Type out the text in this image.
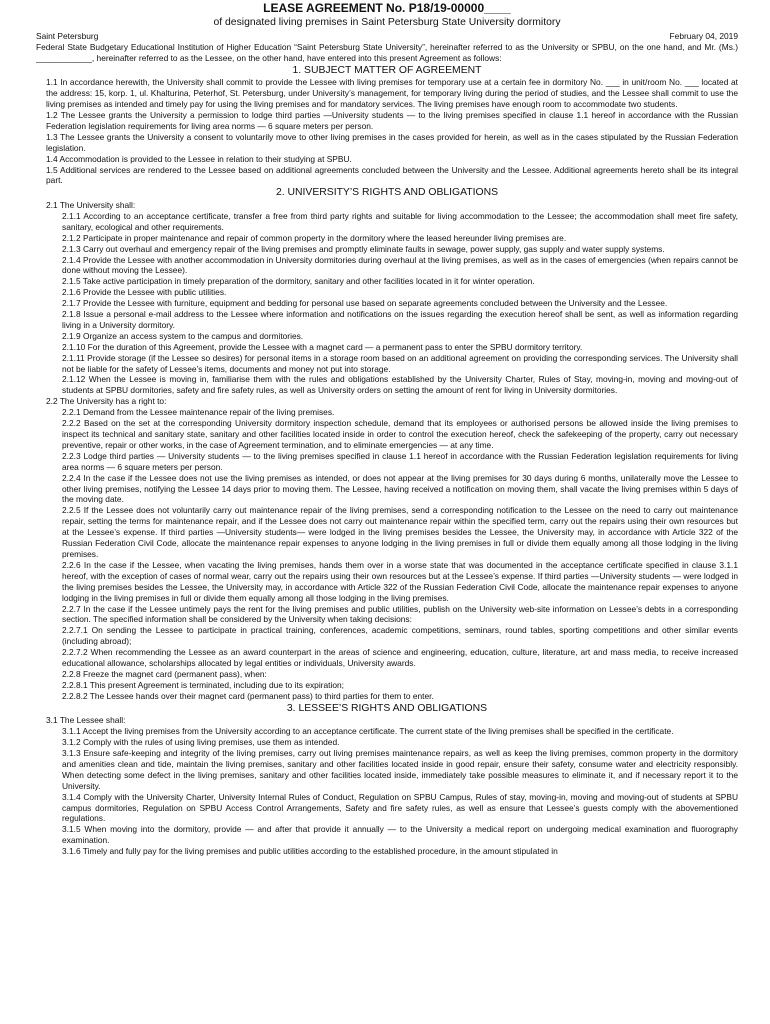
LEASE AGREEMENT No. P18/19-00000____
of designated living premises in Saint Petersburg State University dormitory
Saint Petersburg	February 04, 2019
Federal State Budgetary Educational Institution of Higher Education “Saint Petersburg State University”, hereinafter referred to as the University or SPBU, on the one hand, and Mr. (Ms.) ____________, hereinafter referred to as the Lessee, on the other hand, have entered into this present Agreement as follows:
1. SUBJECT MATTER OF AGREEMENT
1.1 In accordance herewith, the University shall commit to provide the Lessee with living premises for temporary use at a certain fee in dormitory No. ___ in unit/room No. ___ located at the address: 15, korp. 1, ul. Khalturina, Peterhof, St. Petersburg, under University’s management, for temporary living during the period of studies, and the Lessee shall commit to use the living premises as intended and timely pay for using the living premises and for mandatory services. The living premises have enough room to accommodate two students.
1.2 The Lessee grants the University a permission to lodge third parties —University students — to the living premises specified in clause 1.1 hereof in accordance with the Russian Federation legislation requirements for living area norms — 6 square meters per person.
1.3 The Lessee grants the University a consent to voluntarily move to other living premises in the cases provided for herein, as well as in the cases stipulated by the Russian Federation legislation.
1.4 Accommodation is provided to the Lessee in relation to their studying at SPBU.
1.5 Additional services are rendered to the Lessee based on additional agreements concluded between the University and the Lessee. Additional agreements hereto shall be its integral part.
2. UNIVERSITY’S RIGHTS AND OBLIGATIONS
2.1 The University shall:
2.1.1 According to an acceptance certificate, transfer a free from third party rights and suitable for living accommodation to the Lessee; the accommodation shall meet fire safety, sanitary, ecological and other requirements.
2.1.2 Participate in proper maintenance and repair of common property in the dormitory where the leased hereunder living premises are.
2.1.3 Carry out overhaul and emergency repair of the living premises and promptly eliminate faults in sewage, power supply, gas supply and water supply systems.
2.1.4 Provide the Lessee with another accommodation in University dormitories during overhaul at the living premises, as well as in the cases of emergencies (when repairs cannot be done without moving the Lessee).
2.1.5 Take active participation in timely preparation of the dormitory, sanitary and other facilities located in it for winter operation.
2.1.6 Provide the Lessee with public utilities.
2.1.7 Provide the Lessee with furniture, equipment and bedding for personal use based on separate agreements concluded between the University and the Lessee.
2.1.8 Issue a personal e-mail address to the Lessee where information and notifications on the issues regarding the execution hereof shall be sent, as well as information regarding living in a University dormitory.
2.1.9 Organize an access system to the campus and dormitories.
2.1.10 For the duration of this Agreement, provide the Lessee with a magnet card — a permanent pass to enter the SPBU dormitory territory.
2.1.11 Provide storage (if the Lessee so desires) for personal items in a storage room based on an additional agreement on providing the corresponding services. The University shall not be liable for the safety of Lessee’s items, documents and money not put into storage.
2.1.12 When the Lessee is moving in, familiarise them with the rules and obligations established by the University Charter, Rules of Stay, moving-in, moving and moving-out of students at SPBU dormitories, safety and fire safety rules, as well as University orders on setting the amount of rent for living in University dormitories.
2.2 The University has a right to:
2.2.1 Demand from the Lessee maintenance repair of the living premises.
2.2.2 Based on the set at the corresponding University dormitory inspection schedule, demand that its employees or authorised persons be allowed inside the living premises to inspect its technical and sanitary state, sanitary and other facilities located inside in order to control the execution hereof, check the safekeeping of the property, carry out necessary preventive, repair or other works, in the case of Agreement termination, and to eliminate emergencies — at any time.
2.2.3 Lodge third parties — University students — to the living premises specified in clause 1.1 hereof in accordance with the Russian Federation legislation requirements for living area norms — 6 square meters per person.
2.2.4 In the case if the Lessee does not use the living premises as intended, or does not appear at the living premises for 30 days during 6 months, unilaterally move the Lessee to other living premises, notifying the Lessee 14 days prior to moving them. The Lessee, having received a notification on moving them, shall vacate the living premises within 5 days of the moving date.
2.2.5 If the Lessee does not voluntarily carry out maintenance repair of the living premises, send a corresponding notification to the Lessee on the need to carry out maintenance repair, setting the terms for maintenance repair, and if the Lessee does not carry out maintenance repair within the specified term, carry out the repairs using their own resources but at the Lessee’s expense. If third parties —University students— were lodged in the living premises besides the Lessee, the University may, in accordance with Article 322 of the Russian Federation Civil Code, allocate the maintenance repair expenses to anyone lodging in the living premises in full or divide them equally among all those lodging in the living premises.
2.2.6 In the case if the Lessee, when vacating the living premises, hands them over in a worse state that was documented in the acceptance certificate specified in clause 3.1.1 hereof, with the exception of cases of normal wear, carry out the repairs using their own resources but at the Lessee’s expense. If third parties —University students — were lodged in the living premises besides the Lessee, the University may, in accordance with Article 322 of the Russian Federation Civil Code, allocate the maintenance repair expenses to anyone lodging in the living premises in full or divide them equally among all those lodging in the living premises.
2.2.7 In the case if the Lessee untimely pays the rent for the living premises and public utilities, publish on the University web-site information on Lessee’s debts in a corresponding section. The specified information shall be considered by the University when taking decisions:
2.2.7.1 On sending the Lessee to participate in practical training, conferences, academic competitions, seminars, round tables, sporting competitions and other similar events (including abroad);
2.2.7.2 When recommending the Lessee as an award counterpart in the areas of science and engineering, education, culture, literature, art and mass media, to receive increased educational allowance, scholarships allocated by legal entities or individuals, University awards.
2.2.8 Freeze the magnet card (permanent pass), when:
2.2.8.1 This present Agreement is terminated, including due to its expiration;
2.2.8.2 The Lessee hands over their magnet card (permanent pass) to third parties for them to enter.
3. LESSEE’S RIGHTS AND OBLIGATIONS
3.1 The Lessee shall:
3.1.1 Accept the living premises from the University according to an acceptance certificate. The current state of the living premises shall be specified in the certificate.
3.1.2 Comply with the rules of using living premises, use them as intended.
3.1.3 Ensure safe-keeping and integrity of the living premises, carry out living premises maintenance repairs, as well as keep the living premises, common property in the dormitory and amenities clean and tide, maintain the living premises, sanitary and other facilities located inside in good repair, ensure their safety, consume water and electricity responsibly. When detecting some defect in the living premises, sanitary and other facilities located inside, immediately take possible measures to eliminate it, and if necessary report it to the University.
3.1.4 Comply with the University Charter, University Internal Rules of Conduct, Regulation on SPBU Campus, Rules of stay, moving-in, moving and moving-out of students at SPBU campus dormitories, Regulation on SPBU Access Control Arrangements, Safety and fire safety rules, as well as ensure that Lessee’s guests comply with the abovementioned regulations.
3.1.5 When moving into the dormitory, provide — and after that provide it annually — to the University a medical report on undergoing medical examination and fluorography examination.
3.1.6 Timely and fully pay for the living premises and public utilities according to the established procedure, in the amount stipulated in
